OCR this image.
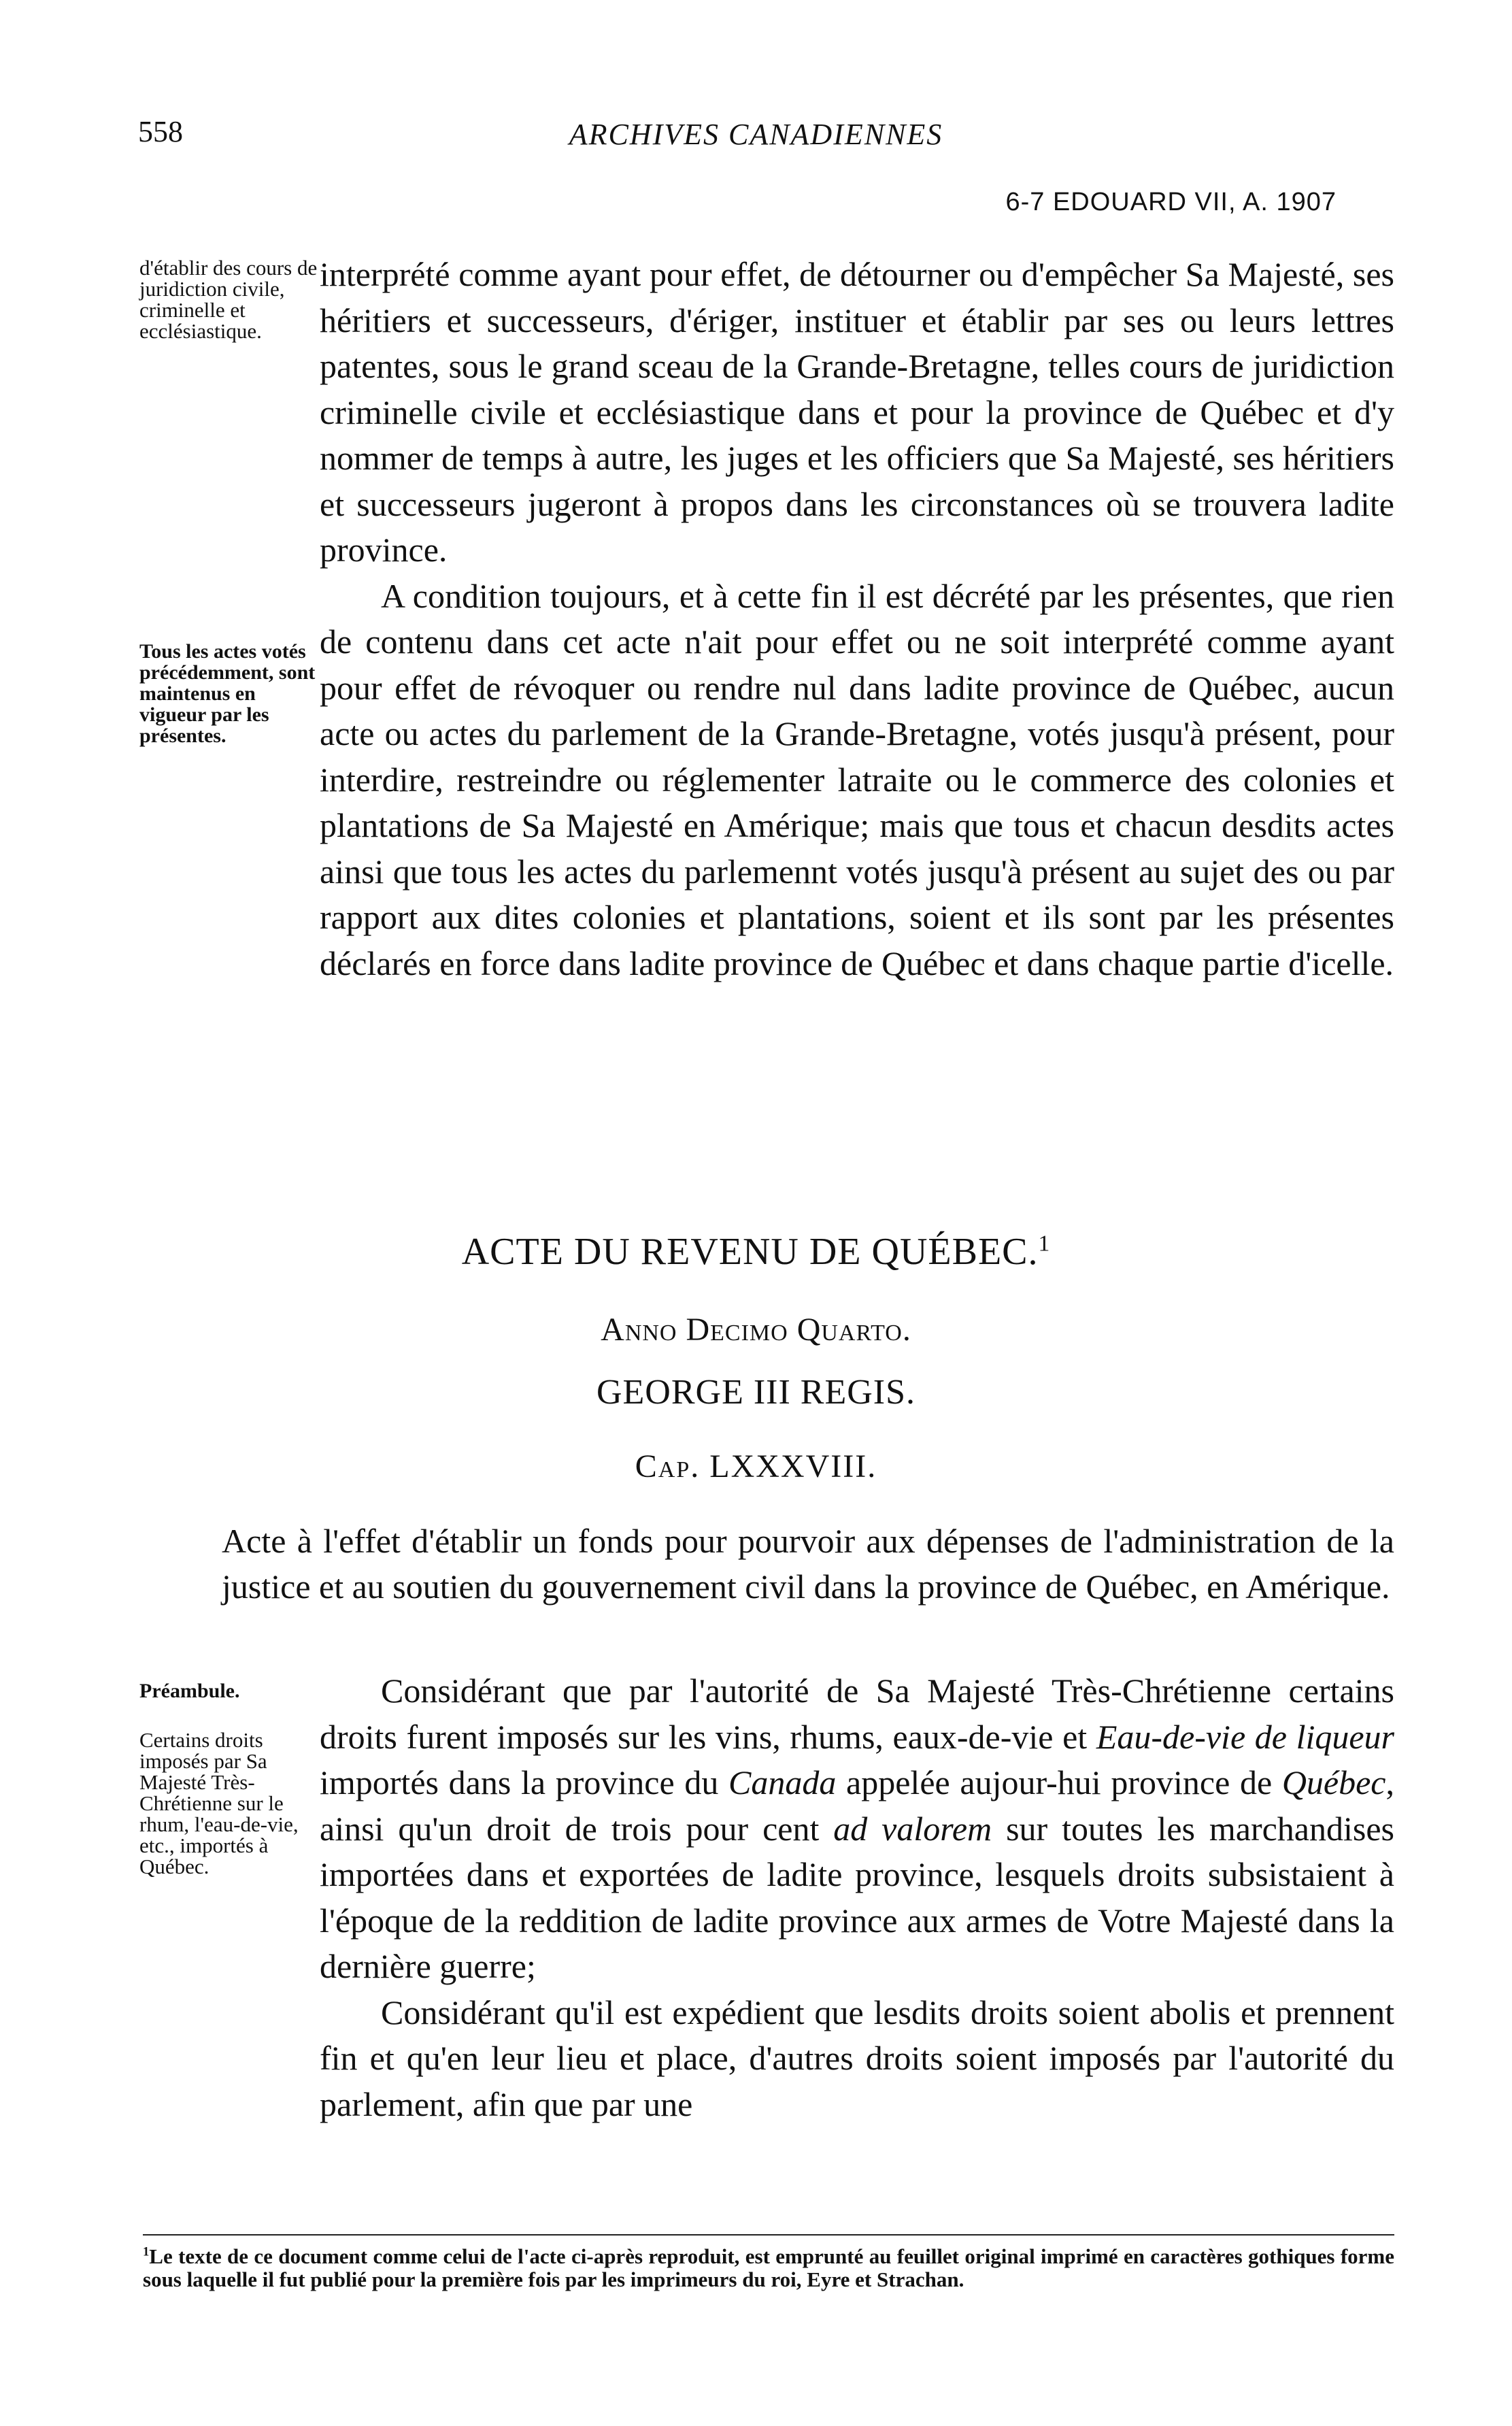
558	ARCHIVES CANADIENNES
6-7 EDOUARD VII, A. 1907
d'établir des cours de juridiction civile, criminelle et ecclésiastique.
Tous les actes votés précédemment, sont maintenus en vigueur par les présentes.
Préambule.
Certains droits imposés par Sa Majesté Très-Chrétienne sur le rhum, l'eau-de-vie, etc., importés à Québec.

interprété comme ayant pour effet, de détourner ou d'empêcher Sa Majesté, ses héritiers et successeurs, d'ériger, instituer et établir par ses ou leurs lettres patentes, sous le grand sceau de la Grande-Bretagne, telles cours de juridiction criminelle civile et ecclésiastique dans et pour la province de Québec et d'y nommer de temps à autre, les juges et les officiers que Sa Majesté, ses héritiers et successeurs jugeront à propos dans les circonstances où se trouvera ladite province.

A condition toujours, et à cette fin il est décrété par les présentes, que rien de contenu dans cet acte n'ait pour effet ou ne soit interprété comme ayant pour effet de révoquer ou rendre nul dans ladite province de Québec, aucun acte ou actes du parlement de la Grande-Bretagne, votés jusqu'à présent, pour interdire, restreindre ou réglementer latraite ou le commerce des colonies et plantations de Sa Majesté en Amérique; mais que tous et chacun desdits actes ainsi que tous les actes du parlemennt votés jusqu'à présent au sujet des ou par rapport aux dites colonies et plantations, soient et ils sont par les présentes déclarés en force dans ladite province de Québec et dans chaque partie d'icelle.

ACTE DU REVENU DE QUÉBEC.$^1$
Anno Decimo Quarto.
GEORGE III REGIS.
Cap. LXXXVIII.

Acte à l'effet d'établir un fonds pour pourvoir aux dépenses de l'administration de la justice et au soutien du gouvernement civil dans la province de Québec, en Amérique.

Considérant que par l'autorité de Sa Majesté Très-Chrétienne certains droits furent imposés sur les vins, rhums, eaux-de-vie et Eau-de-vie de liqueur importés dans la province du Canada appelée aujour-hui province de Québec, ainsi qu'un droit de trois pour cent ad valorem sur toutes les marchandises importées dans et exportées de ladite province, lesquels droits subsistaient à l'époque de la reddition de ladite province aux armes de Votre Majesté dans la dernière guerre;

Considérant qu'il est expédient que lesdits droits soient abolis et prennent fin et qu'en leur lieu et place, d'autres droits soient imposés par l'autorité du parlement, afin que par une

$^1$Le texte de ce document comme celui de l'acte ci-après reproduit, est emprunté au feuillet original imprimé en caractères gothiques forme sous laquelle il fut publié pour la première fois par les imprimeurs du roi, Eyre et Strachan.
